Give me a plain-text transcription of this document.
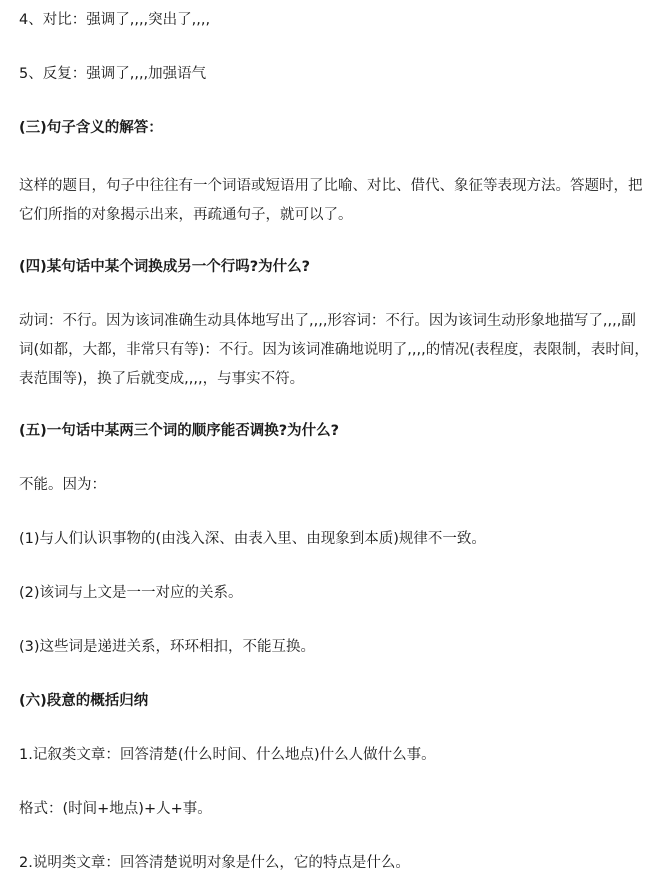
4、对比：强调了,,,,突出了,,,,
5、反复：强调了,,,,加强语气
(三)句子含义的解答：
这样的题目，句子中往往有一个词语或短语用了比喻、对比、借代、象征等表现方法。答题时，把它们所指的对象揭示出来，再疏通句子，就可以了。
(四)某句话中某个词换成另一个行吗?为什么?
动词：不行。因为该词准确生动具体地写出了,,,,形容词：不行。因为该词生动形象地描写了,,,,副词(如都，大都，非常只有等)：不行。因为该词准确地说明了,,,,的情况(表程度，表限制，表时间，表范围等)，换了后就变成,,,,，与事实不符。
(五)一句话中某两三个词的顺序能否调换?为什么?
不能。因为：
(1)与人们认识事物的(由浅入深、由表入里、由现象到本质)规律不一致。
(2)该词与上文是一一对应的关系。
(3)这些词是递进关系，环环相扣，不能互换。
(六)段意的概括归纳
1.记叙类文章：回答清楚(什么时间、什么地点)什么人做什么事。
格式：(时间+地点)+人+事。
2.说明类文章：回答清楚说明对象是什么，它的特点是什么。
